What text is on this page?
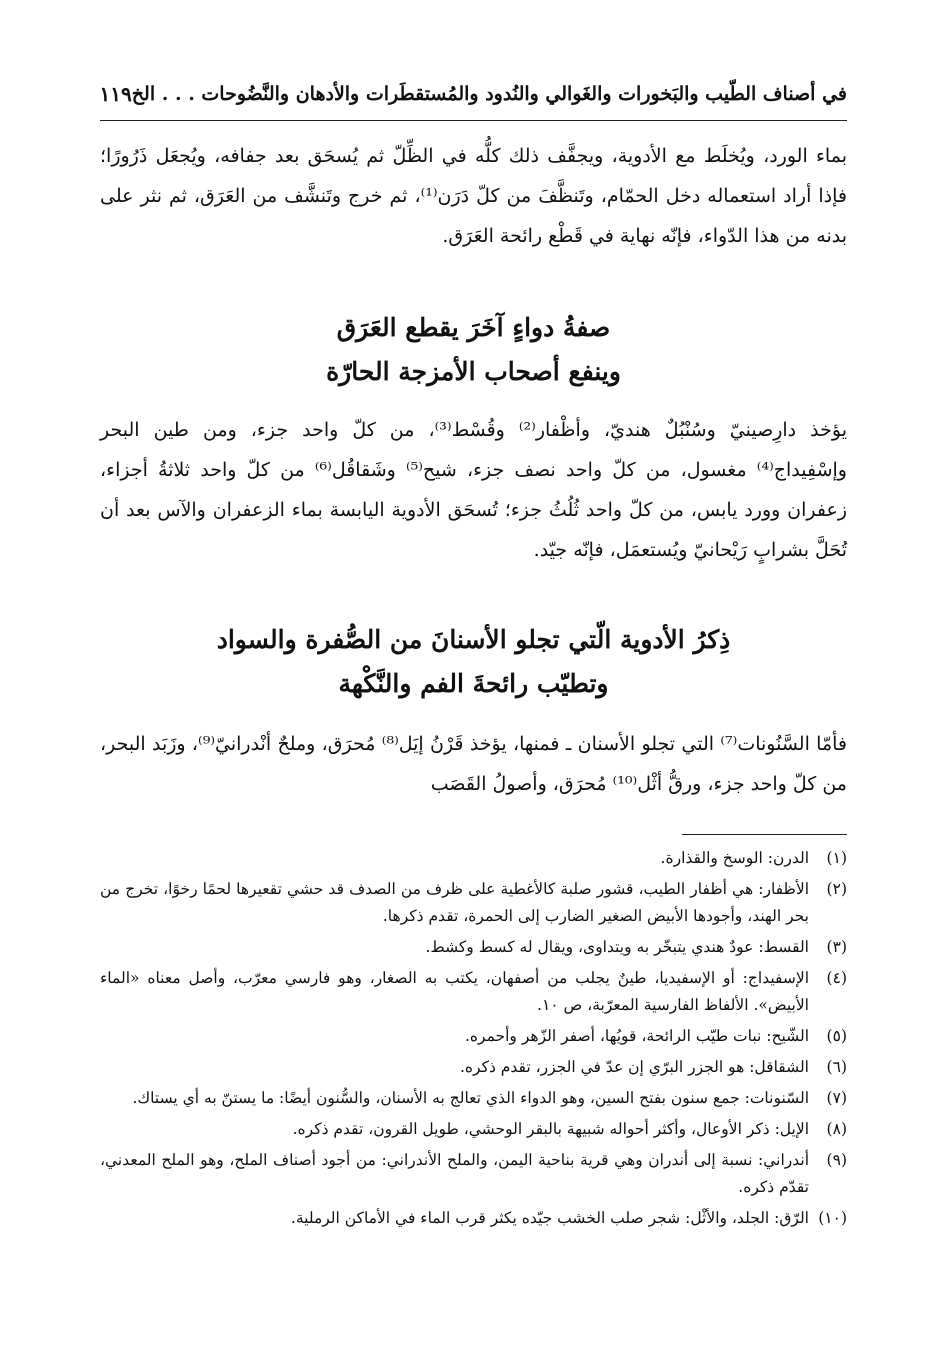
في أصناف الطّيب والبَخورات والغَوالي والنُدود والمُستقطَرات والأدهان والنَّضُوحات . . . الخ
١١٩

بماء الورد، ويُخلَط مع الأدوية، ويجفَّف ذلك كلُّه في الظِّلّ ثم يُسحَق بعد جفافه، ويُجعَل ذَرُورًا؛ فإذا أراد استعماله دخل الحمّام، وتَنظَّفَ من كلّ دَرَن⁽¹⁾، ثم خرج وتَنشَّف من العَرَق، ثم نثر على بدنه من هذا الدّواء، فإنّه نهاية في قَطْع رائحة العَرَق.

صفةُ دواءٍ آخَرَ يقطع العَرَق
وينفع أصحاب الأمزجة الحارّة

يؤخذ دارِصينيّ وسُنْبُلٌ هنديّ، وأظْفار⁽²⁾ وقُسْط⁽³⁾، من كلّ واحد جزء، ومن طين البحر وإسْفِيداج⁽⁴⁾ مغسول، من كلّ واحد نصف جزء، شيح⁽⁵⁾ وشَقاقُل⁽⁶⁾ من كلّ واحد ثلاثةُ أجزاء، زعفران وورد يابس، من كلّ واحد ثُلُثُ جزء؛ تُسحَق الأدوية اليابسة بماء الزعفران والآس بعد أن تُحَلَّ بشرابٍ رَيْحانيّ ويُستعمَل، فإنّه جيّد.

ذِكرُ الأدوية الّتي تجلو الأسنانَ من الصُّفرة والسواد
وتطيّب رائحةَ الفم والنَّكْهة

فأمّا السَّنُونات⁽⁷⁾ التي تجلو الأسنان ـ فمنها، يؤخذ قَرْنُ إيَل⁽⁸⁾ مُحرَق، وملحٌ أنْدرانيّ⁽⁹⁾، وزَبَد البحر، من كلّ واحد جزء، ورقُّ أثْل⁽¹⁰⁾ مُحرَق، وأصولُ القَصَب

(١)
الدرن: الوسخ والقذارة.
(٢)
الأظفار: هي أظفار الطيب، قشور صلبة كالأغطية على ظرف من الصدف قد حشي تقعيرها لحمًا رخوًا، تخرج من بحر الهند، وأجودها الأبيض الصغير الضارب إلى الحمرة، تقدم ذكرها.
(٣)
القسط: عودٌ هندي يتبخّر به ويتداوى، ويقال له كسط وكشط.
(٤)
الإسفيداج: أو الإسفيديا، طينٌ يجلب من أصفهان، يكتب به الصغار، وهو فارسي معرّب، وأصل معناه «الماء الأبيض». الألفاظ الفارسية المعرّبة، ص ١٠.
(٥)
الشّيح: نبات طيّب الرائحة، قويُها، أصفر الزّهر وأحمره.
(٦)
الشقاقل: هو الجزر البرّي إن عدّ في الجزر، تقدم ذكره.
(٧)
السّنونات: جمع سنون بفتح السين، وهو الدواء الذي تعالج به الأسنان، والسُّنون أيضًا: ما يستنّ به أي يستاك.
(٨)
الإيل: ذكر الأوعال، وأكثر أحواله شبيهة بالبقر الوحشي، طويل القرون، تقدم ذكره.
(٩)
أندراني: نسبة إلى أندران وهي قرية بناحية اليمن، والملح الأندراني: من أجود أصناف الملح، وهو الملح المعدني، تقدّم ذكره.
(١٠)
الرّق: الجلد، والأثْل: شجر صلب الخشب جيّده يكثر قرب الماء في الأماكن الرملية.
